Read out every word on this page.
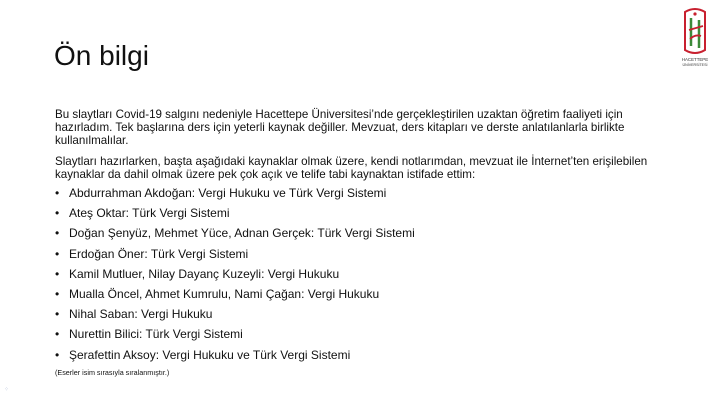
Ön bilgi	HACETTEPE
ÜNİVERSİTESİ

Bu slaytları Covid-19 salgını nedeniyle Hacettepe Üniversitesi’nde gerçekleştirilen uzaktan öğretim faaliyeti için hazırladım. Tek başlarına ders için yeterli kaynak değiller. Mevzuat, ders kitapları ve derste anlatılanlarla birlikte kullanılmalılar.

Slaytları hazırlarken, başta aşağıdaki kaynaklar olmak üzere, kendi notlarımdan, mevzuat ile İnternet’ten erişilebilen kaynaklar da dahil olmak üzere pek çok açık ve telife tabi kaynaktan istifade ettim:

• Abdurrahman Akdoğan: Vergi Hukuku ve Türk Vergi Sistemi
• Ateş Oktar: Türk Vergi Sistemi
• Doğan Şenyüz, Mehmet Yüce, Adnan Gerçek: Türk Vergi Sistemi
• Erdoğan Öner: Türk Vergi Sistemi
• Kamil Mutluer, Nilay Dayanç Kuzeyli: Vergi Hukuku
• Mualla Öncel, Ahmet Kumrulu, Nami Çağan: Vergi Hukuku
• Nihal Saban: Vergi Hukuku
• Nurettin Bilici: Türk Vergi Sistemi
• Şerafettin Aksoy: Vergi Hukuku ve Türk Vergi Sistemi
(Eserler isim sırasıyla sıralanmıştır.)
⁘
